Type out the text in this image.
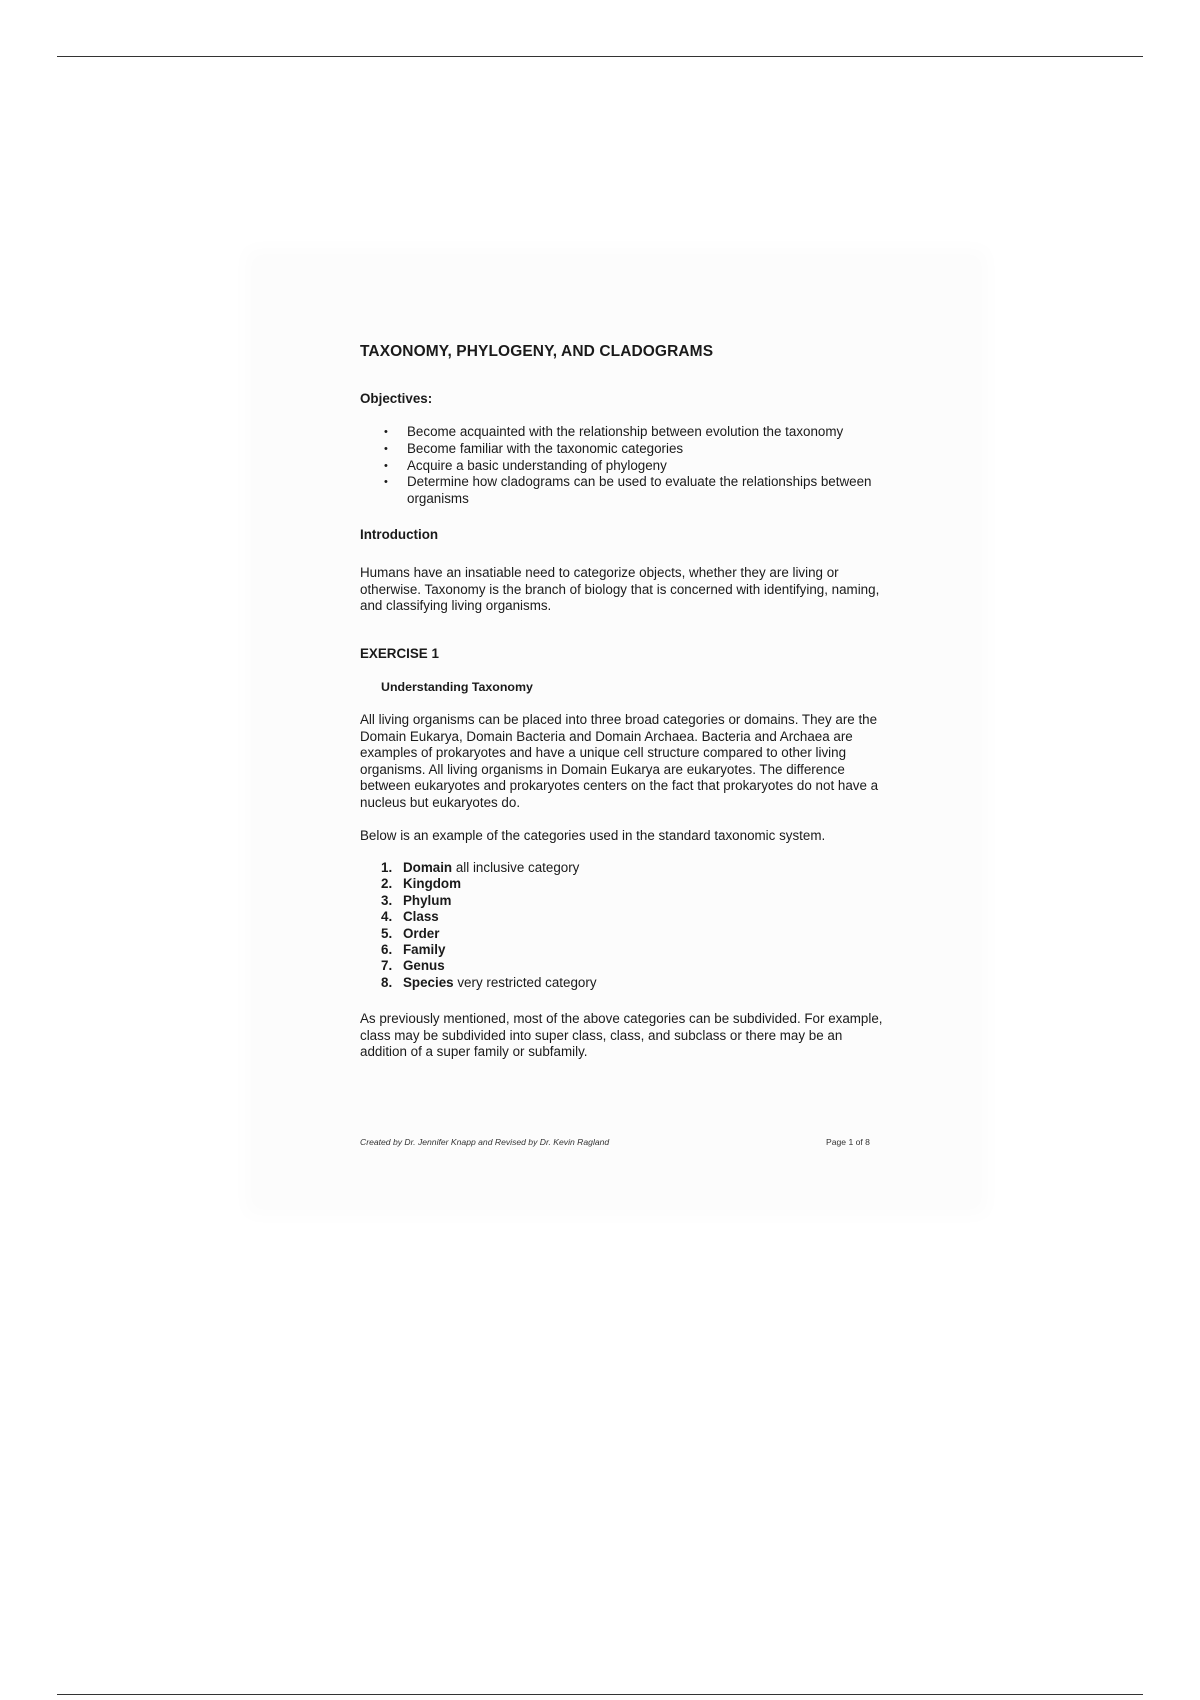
TAXONOMY, PHYLOGENY, AND CLADOGRAMS
Objectives:
• Become acquainted with the relationship between evolution the taxonomy
• Become familiar with the taxonomic categories
• Acquire a basic understanding of phylogeny
• Determine how cladograms can be used to evaluate the relationships between organisms
Introduction

Humans have an insatiable need to categorize objects, whether they are living or otherwise. Taxonomy is the branch of biology that is concerned with identifying, naming, and classifying living organisms.

EXERCISE 1
Understanding Taxonomy

All living organisms can be placed into three broad categories or domains. They are the Domain Eukarya, Domain Bacteria and Domain Archaea. Bacteria and Archaea are examples of prokaryotes and have a unique cell structure compared to other living organisms. All living organisms in Domain Eukarya are eukaryotes. The difference between eukaryotes and prokaryotes centers on the fact that prokaryotes do not have a nucleus but eukaryotes do.

Below is an example of the categories used in the standard taxonomic system.

1. Domain all inclusive category
2. Kingdom
3. Phylum
4. Class
5. Order
6. Family
7. Genus
8. Species very restricted category

As previously mentioned, most of the above categories can be subdivided. For example, class may be subdivided into super class, class, and subclass or there may be an addition of a super family or subfamily.

Created by Dr. Jennifer Knapp and Revised by Dr. Kevin Ragland	Page 1 of 8
